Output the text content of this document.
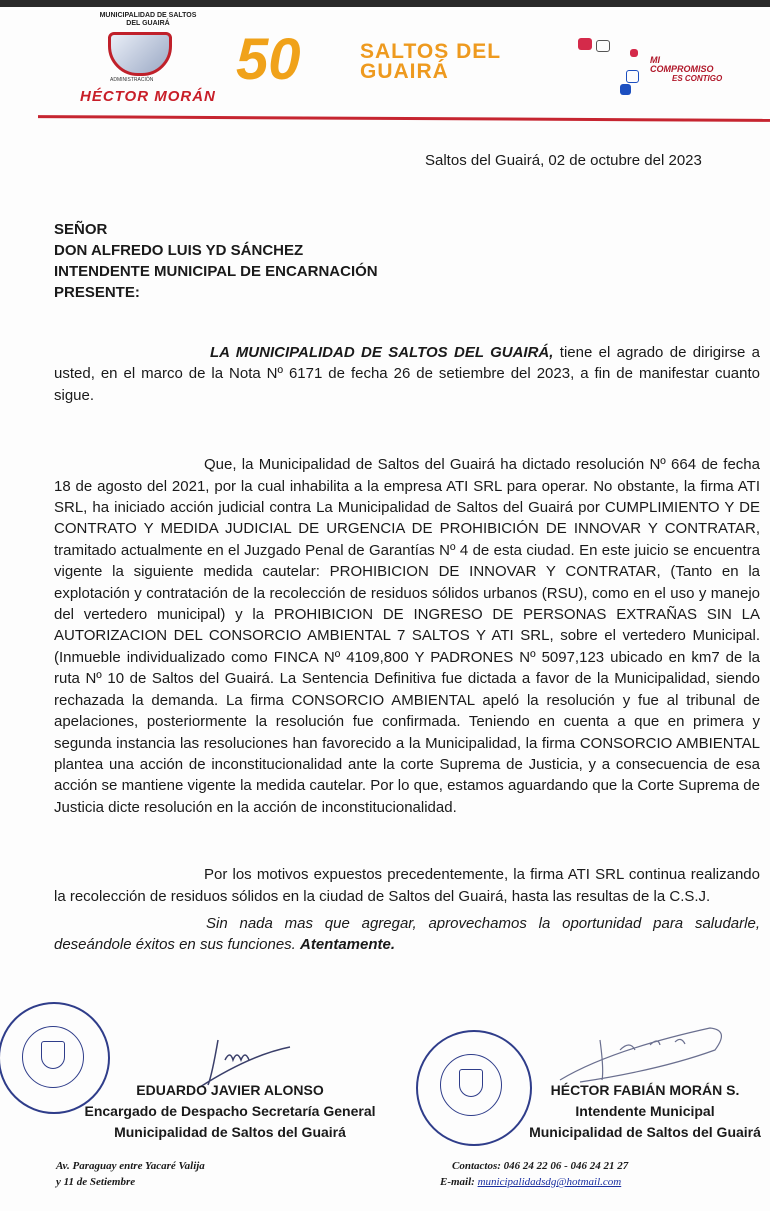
MUNICIPALIDAD DE SALTOS DEL GUAIRÁ
ADMINISTRACIÓN
HÉCTOR MORÁN
50	SALTOS DEL
GUAIRÁ	MI
COMPROMISO
ES CONTIGO
Saltos del Guairá, 02 de octubre del 2023
SEÑOR
DON ALFREDO LUIS YD SÁNCHEZ
INTENDENTE MUNICIPAL DE ENCARNACIÓN
PRESENTE:
LA MUNICIPALIDAD DE SALTOS DEL GUAIRÁ, tiene el agrado de dirigirse a usted, en el marco de la Nota Nº 6171 de fecha 26 de setiembre del 2023, a fin de manifestar cuanto sigue.
Que, la Municipalidad de Saltos del Guairá ha dictado resolución Nº 664 de fecha 18 de agosto del 2021, por la cual inhabilita a la empresa ATI SRL para operar. No obstante, la firma ATI SRL, ha iniciado acción judicial contra La Municipalidad de Saltos del Guairá por CUMPLIMIENTO Y DE CONTRATO Y MEDIDA JUDICIAL DE URGENCIA DE PROHIBICIÓN DE INNOVAR Y CONTRATAR, tramitado actualmente en el Juzgado Penal de Garantías Nº 4 de esta ciudad. En este juicio se encuentra vigente la siguiente medida cautelar: PROHIBICION DE INNOVAR Y CONTRATAR, (Tanto en la explotación y contratación de la recolección de residuos sólidos urbanos (RSU), como en el uso y manejo del vertedero municipal) y la PROHIBICION DE INGRESO DE PERSONAS EXTRAÑAS SIN LA AUTORIZACION DEL CONSORCIO AMBIENTAL 7 SALTOS Y ATI SRL, sobre el vertedero Municipal. (Inmueble individualizado como FINCA Nº 4109,800 Y PADRONES Nº 5097,123 ubicado en km7 de la ruta Nº 10 de Saltos del Guairá. La Sentencia Definitiva fue dictada a favor de la Municipalidad, siendo rechazada la demanda. La firma CONSORCIO AMBIENTAL apeló la resolución y fue al tribunal de apelaciones, posteriormente la resolución fue confirmada. Teniendo en cuenta a que en primera y segunda instancia las resoluciones han favorecido a la Municipalidad, la firma CONSORCIO AMBIENTAL plantea una acción de inconstitucionalidad ante la corte Suprema de Justicia, y a consecuencia de esa acción se mantiene vigente la medida cautelar. Por lo que, estamos aguardando que la Corte Suprema de Justicia dicte resolución en la acción de inconstitucionalidad.
Por los motivos expuestos precedentemente, la firma ATI SRL continua realizando la recolección de residuos sólidos en la ciudad de Saltos del Guairá, hasta las resultas de la C.S.J.
Sin nada mas que agregar, aprovechamos la oportunidad para saludarle, deseándole éxitos en sus funciones. Atentamente.
EDUARDO JAVIER ALONSO
Encargado de Despacho Secretaría General
Municipalidad de Saltos del Guairá
HÉCTOR FABIÁN MORÁN S.
Intendente Municipal
Municipalidad de Saltos del Guairá
Av. Paraguay entre Yacaré Valija
y 11 de Setiembre
Contactos: 046 24 22 06 - 046 24 21 27
E-mail: municipalidadsdg@hotmail.com
